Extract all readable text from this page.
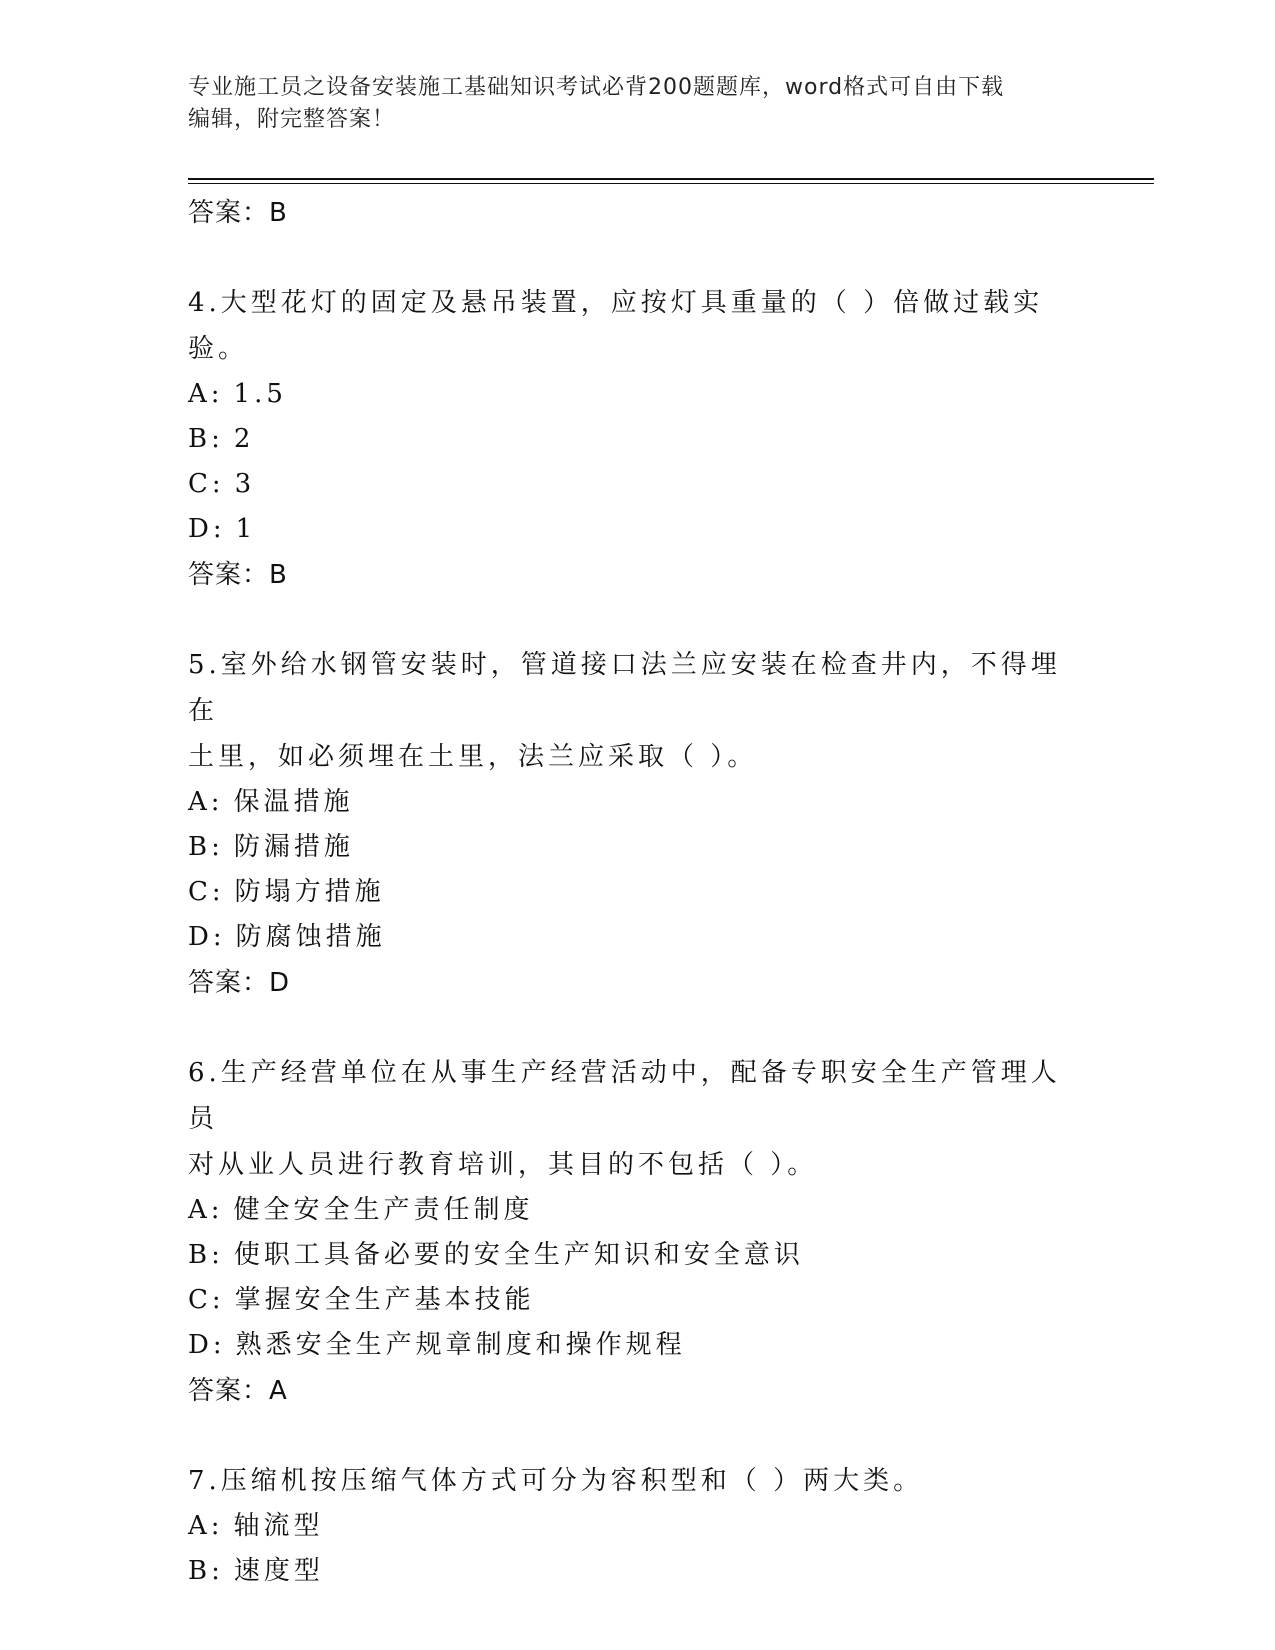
专业施工员之设备安装施工基础知识考试必背200题题库，word格式可自由下载
编辑，附完整答案！
答案：B
4.大型花灯的固定及悬吊装置，应按灯具重量的（ ）倍做过载实验。
A: 1.5
B: 2
C: 3
D: 1
答案：B
5.室外给水钢管安装时，管道接口法兰应安装在检查井内，不得埋在
土里，如必须埋在土里，法兰应采取（ ）。
A: 保温措施
B: 防漏措施
C: 防塌方措施
D: 防腐蚀措施
答案：D
6.生产经营单位在从事生产经营活动中，配备专职安全生产管理人员
对从业人员进行教育培训，其目的不包括（ ）。
A: 健全安全生产责任制度
B: 使职工具备必要的安全生产知识和安全意识
C: 掌握安全生产基本技能
D: 熟悉安全生产规章制度和操作规程
答案：A
7.压缩机按压缩气体方式可分为容积型和（ ）两大类。
A: 轴流型
B: 速度型
